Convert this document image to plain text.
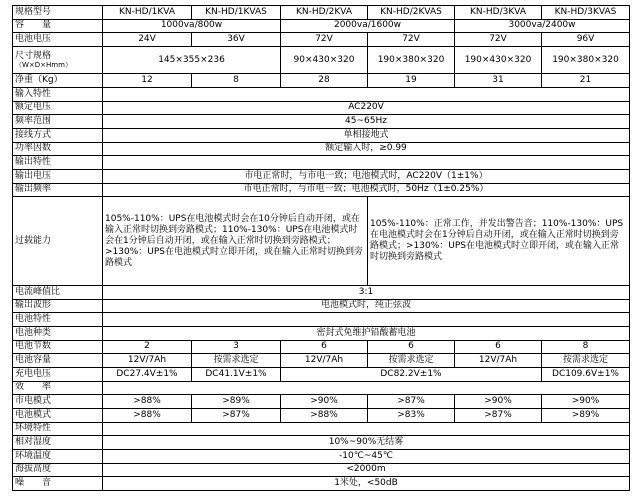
规格型号	KN-HD/1KVA	KN-HD/1KVAS	KN-HD/2KVA	KN-HD/2KVAS	KN-HD/3KVA	KN-HD/3KVAS
容　　量	1000va/800w		2000va/1600w		3000va/2400w	
电池电压	24V	36V	72V	72V	72V	96V

尺寸规格
（W×D×Hmm）	145×355×236		90×430×320	190×380×320	190×430×320	190×380×320
净重（Kg）	12	8	28	19	31	21
输入特性						
额定电压	AC220V					
频率范围	45~65Hz					
接线方式	单相接地式					
功率因数	额定输入时，≥0.99					
输出特性						
输出电压	市电正常时，与市电一致；电池模式时，AC220V（1±1%）					
输出频率	市电正常时，与市电一致；电池模式时，50Hz（1±0.25%）					
过载能力	105%-110%：UPS在电池模式时会在10分钟后自动开闭，或在输入正常时切换到旁路模式；110%-130%：UPS在电池模式时会在1分钟后自动开闭，或在输入正常时切换到旁路模式；>130%：UPS在电池模式时立即开闭，或在输入正常时切换到旁路模式			105%-110%：正常工作，并发出警告音；110%-130%：UPS在电池模式时会在1分钟后自动开闭，或在输入正常时切换到旁路模式；>130%：UPS在电池模式时立即开闭，或在输入正常时切换到旁路模式		
电流峰值比	3:1					
输出波形	电池模式时，纯正弦波					
电池特性						
电池种类	密封式免维护铅酸蓄电池					
电池节数	2	3	6	6	6	8
电池容量	12V/7Ah	按需求选定	12V/7Ah	按需求选定	12V/7Ah	按需求选定
充电电压	DC27.4V±1%	DC41.1V±1%	DC82.2V±1%			DC109.6V±1%
效　　率						
市电模式	>88%	>89%	>90%	>87%	>90%	>90%
电池模式	>88%	>87%	>88%	>83%	>87%	>89%
环境特性						
相对湿度	10%~90%无结雾					
环境温度	-10℃~45℃					
海拔高度	<2000m					
噪　　音	1米处，<50dB					
